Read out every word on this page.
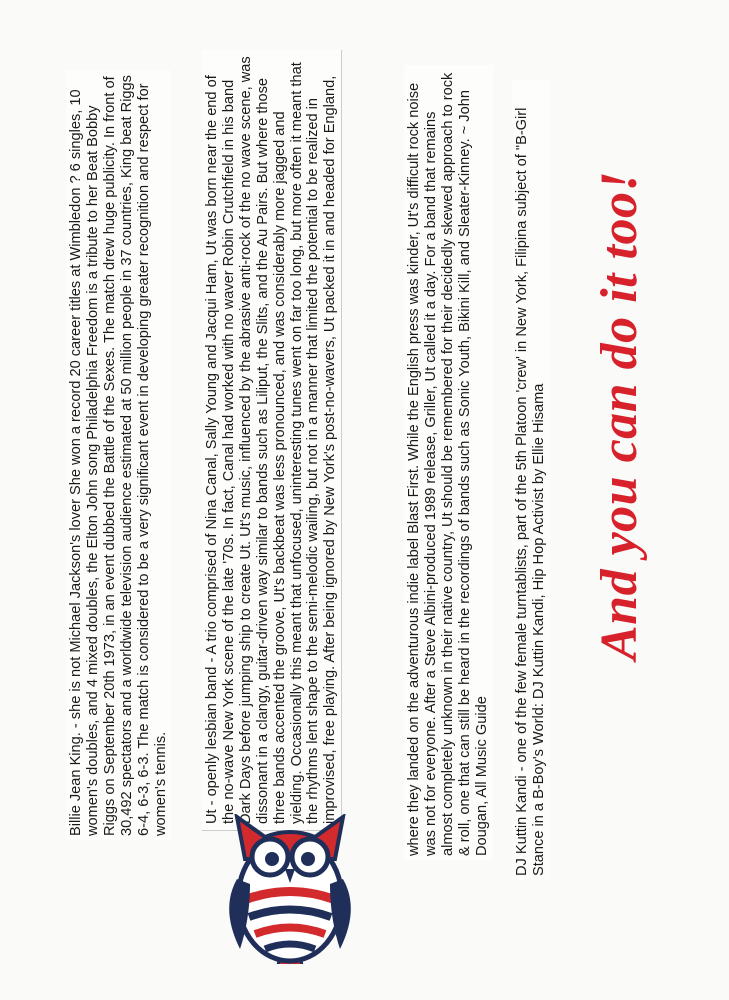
Billie Jean King. - she is not Michael Jackson's lover She won a record 20 career titles at Wimbledon ? 6 singles, 10 women's doubles, and 4 mixed doubles, the Elton John song Philadelphia Freedom is a tribute to her Beat Bobby Riggs on September 20th 1973, in an event dubbed the Battle of the Sexes. The match drew huge publicity. In front of 30,492 spectators and a worldwide television audience estimated at 50 million people in 37 countries, King beat Riggs 6-4, 6-3, 6-3. The match is considered to be a very significant event in developing greater recognition and respect for women's tennis. Ut - openly lesbian band - A trio comprised of Nina Canal, Sally Young and Jacqui Ham, Ut was born near the end of the no-wave New York scene of the late '70s. In fact, Canal had worked with no waver Robin Crutchfield in his band Dark Days before jumping ship to create Ut. Ut's music, influenced by the abrasive anti-rock of the no wave scene, was dissonant in a clangy, guitar-driven way similar to bands such as Liliput, the Slits, and the Au Pairs. But where those three bands accented the groove, Ut's backbeat was less pronounced, and was considerably more jagged and yielding. Occasionally this meant that unfocused, uninteresting tunes went on far too long, but more often it meant that the rhythms lent shape to the semi-melodic wailing, but not in a manner that limited the potential to be realized in improvised, free playing. After being ignored by New York's post-no-wavers, Ut packed it in and headed for England,	where they landed on the adventurous indie label Blast First. While the English press was kinder, Ut's difficult rock noise was not for everyone. After a Steve Albini-produced 1989 release, Griller, Ut called it a day. For a band that remains almost completely unknown in their native country, Ut should be remembered for their decidedly skewed approach to rock & roll, one that can still be heard in the recordings of bands such as Sonic Youth, Bikini Kill, and Sleater-Kinney. ~ John Dougan, All Music Guide DJ Kuttin Kandi - one of the few female turntablists, part of the 5th Platoon 'crew' in New York, Filipina subject of "B-Girl Stance in a B-Boy's World: DJ Kuttin Kandi, Hip Hop Activist by Ellie Hisama And you can do it too!
